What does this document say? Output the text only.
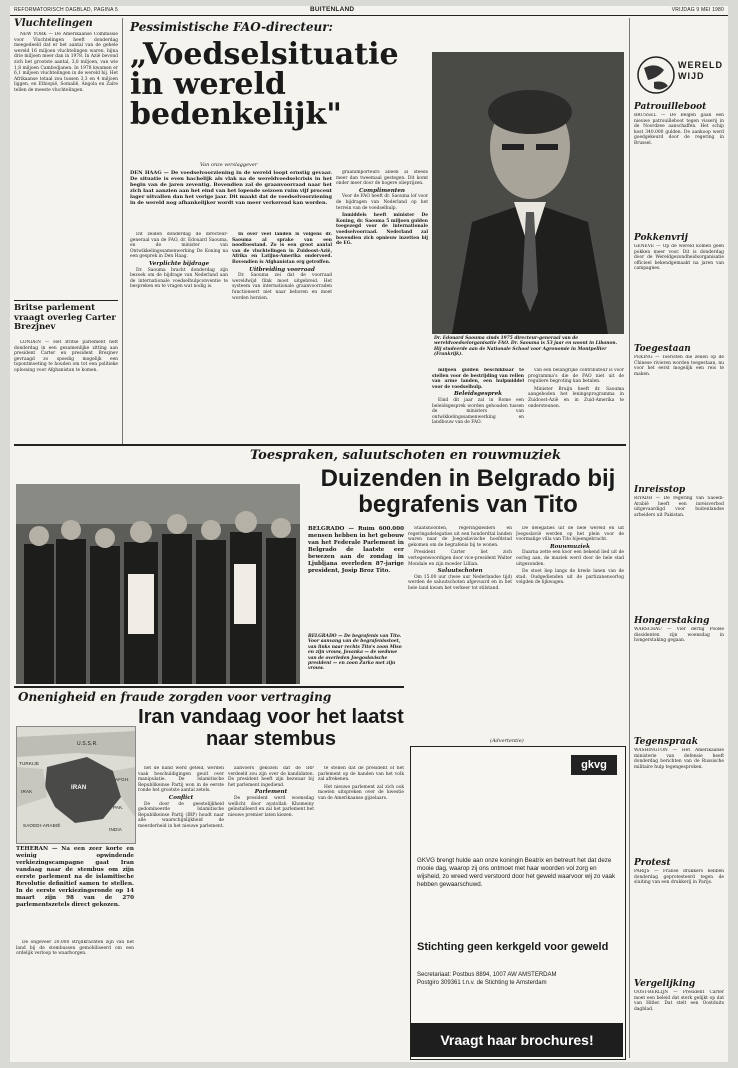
REFORMATORISCH DAGBLAD, PAGINA 5	BUITENLAND	VRIJDAG 9 MEI 1980
Vluchtelingen

NEW YORK — De Amerikaanse Commissie voor Vluchtelingen heeft donderdag meegedeeld dat er het aantal van de gehele wereld 16 miljoen vluchtelingen waren, bijna drie miljoen meer dan in 1978. In Azië bevond zich het grootste aantal, 3,8 miljoen, van wie 1,8 miljoen Cambodjanen. In 1978 kwamen er 6,1 miljoen vluchtelingen in de wereld bij. Het Afrikaanse totaal zou tussen 3,3 en 4 miljoen liggen, en Ethiopië, Somalië, Angola en Zaïre tellen de meeste vluchtelingen.

Britse parlement vraagt overleg Carter Brezjnev

LONDEN — Het Britse parlement heft donderdag in een gezamenlijke zitting aan president Carter en president Brezjnev gevraagd zo spoedig mogelijk een topontmoeting te houden om tot een politieke oplossing voor Afghanistan te komen.

Pessimistische FAO-directeur:
„Voedselsituatie in wereld bedenkelijk"
Van onze verslaggever
DEN HAAG — De voedselvoorziening in de wereld loopt ernstig gevaar. De situatie is even hachelijk als vlak na de wereldvoedselcrisis in het begin van de jaren zeventig. Bovendien zal de graanvoorraad naar het zich laat aanzien aan het eind van het lopende seizoen ruim vijf procent lager uitvallen dan het vorige jaar. Dit maakt dat de voedselvoorziening in de wereld nog afhankelijker wordt van meer verkerend kan worden.

Dit zeiden donderdag de directeur-generaal van de FAO, dr. Edouard Saouma, en de minister van Ontwikkelingssamenwerking De Koning na een gesprek in Den Haag.

Verplichte bijdrage

Dr. Saouma bracht donderdag zijn bezoek om de bijdrage van Nederland aan de internationale voedselhulpconventie te bespreken en te vragen wat nodig is.

In over veel landen is volgens dr. Saouma al sprake van een noodtoestand. Zo is een groot aantal van de vluchtelingen in Zuidoost-Azië, Afrika en Latijns-Amerika ondervoed. Bovendien is Afghanistan erg getroffen.

Uitbreiding voorraad

Dr. Saouma zei dat de voorraad wereldwijd flink moet uitgebreid. Het systeem van internationale graanvoorraden functioneert niet naar behoren en moet worden herzien.

graanimporteurs alleen al steeds meer dan tweemaal gestegen. Dit komt onder meer door de hogere olieprijzen.

Complimenten

Voor de FAO heeft dr. Saouma lof voor de bijdragen van Nederland op het terrein van de voedselhulp.

Inmiddels heeft minister De Koning, dr. Saouma 5 miljoen gulden toegezegd voor de internationale voedselvoorraad. Nederland zal bovendien zich opnieuw inzetten bij de EG.

Dr. Edouard Saouma sinds 1975 directeur-generaal van de wereldvoedselorganisatie FAO. Dr. Saouma is 53 jaar en woont in Libanon. Hij studeerde aan de Nationale School voor Agronomie in Montpellier (Frankrijk).

miljoen gulden beschikbaar te stellen voor de bestrijding van rellen van arme landen, een hulpmiddel voor de voedselhulp.

Beleidsgesprek

Eind dit jaar zal in Rome een beleidsgesprek worden gehouden tussen de ministers van ontwikkelingssamenwerking en landbouw van de FAO.

van een belangrijke contributeur is voor programma's die de FAO niet uit de reguliere begroting kan betalen.

Minister Bruijn heeft dr. Saouma aangeboden het leningsprogramma in Zuidoost-Azië en in Zuid-Amerika te ondersteunen.

WERELD WIJD
Patrouilleboot
BRUSSEL — De Belgen gaan een nieuwe patrouilleboot tegen visserij in de Noordzee aanschaffen. Het schip kost 340.000 gulden. De aankoop werd goedgekeurd door de regering in Brussel.
Pokkenvrij
GENEVE — Op de wereld komen geen pokken meer voor. Dit is donderdag door de Wereldgezondheidsorganisatie officieel bekendgemaakt na jaren van campagnes.
Toegestaan
PEKING — Toeristen die zeilen op de Chinese rivieren worden toegestaan, nu voor het eerst mogelijk een reis te maken.
Inreisstop
RIYADH — De regering van Saoedi-Arabië heeft een inreisverbod uitgevaardigd voor buitenlandse arbeiders uit Pakistan.
Hongerstaking
WARSCHAU — Vier dertig Poolse dissidenten zijn woensdag in hongerstaking gegaan.
Tegenspraak
WASHINGTON — Het Amerikaanse ministerie van defensie heeft donderdag berichten van de Russische militaire hulp tegengesproken.
Protest
PARIJS — Franse drukkers hebben donderdag geprotesteerd tegen de sluiting van een drukkerij in Parijs.
Vergelijking
OOST-BERLIJN — President Carter moet een beleid dat sterk gelijkt op dat van Hitler. Dat stelt een Oostduits dagblad.
Toespraken, saluutschoten en rouwmuziek
Duizenden in Belgrado bij begrafenis van Tito
BELGRADO — Ruim 600.000 mensen hebben in het gebouw van het Federale Parlement in Belgrado de laatste eer bewezen aan de zondag in Ljubljana overleden 87-jarige president, Josip Broz Tito.
BELGRADO — De begrafenis van Tito. Voor aanvang van de begrafenisstoet, van links naar rechts Tito's zoon Miso en zijn vrouw, Jovanka — de weduwe van de overleden Joegoslavische president — en zoon Zarko met zijn vrouw.

Staatshoofden, regeringsleiders en regeringsdelegaties uit een honderdtal landen waren naar de Joegoslavische hoofdstad gekomen om de begrafenis bij te wonen.

President Carter liet zich vertegenwoordigen door vice-president Walter Mondale en zijn moeder Lillian.

Saluutschoten

Om 15.00 uur (twee uur Nederlandse tijd) werden de saluutschoten afgevuurd en in het hele land kwam het verkeer tot stilstand.

De delegaties uit de hele wereld en uit Joegoslavië werden op het plein voor de voormalige villa van Tito bijeengebracht.

Rouwmuziek

Daarna zette een koor een bekend lied uit de oorlog aan, de muziek werd door de hele stad uitgezonden.

De stoet liep langs de brede lanen van de stad. Oudgedienden uit de partizanenoorlog volgden de lijkwagen.

Onenigheid en fraude zorgden voor vertraging
Iran vandaag voor het laatst naar stembus
U.S.S.R.
TURKIJE
IRAK
IRAN
AFGH.
SAOEDI-ARABIË
PAK.
INDIA
TEHERAN — Na een zeer korte en weinig opwindende verkiezingscampagne gaat Iran vandaag naar de stembus om zijn eerste parlement na de islamitische Revolutie definitief samen te stellen. In de eerste verkiezingsronde op 14 maart zijn 98 van de 270 parlementszetels direct gekozen.

De ongeveer 20.000 strijdkrachten zijn van het land bij de stembussen gemobiliseerd om een ordelijk verloop te waarborgen.

net de hand werd geteld, werden vaak beschuldigingen geuit over manipulatie. De Islamitische Republikeinse Partij won in de eerste ronde het grootste aantal zetels.

Conflict

De door de geestelijkheid gedomineerde Islamitische Republikeinse Partij (IRP) houdt naar alle waarschijnlijkheid de meerderheid in het nieuwe parlement.

aanvoers gekozen dat de IRP verdeeld zou zijn over de kandidaten. De president heeft zijn bezwaar bij het parlement ingediend.

Parlement

De president werd woensdag wellicht door ayatollah Khomeiny geïnstalleerd en zal het parlement het nieuwe premier laten kiezen.

te stellen dat de president of het parlement op de handen van het volk zal afrekenen.

Het nieuwe parlement zal zich ook moeten uitspreken over de kwestie van de Amerikaanse gijzelaars.

(Advertentie)
gkvg
GKVG brengt hulde aan onze koningin Beatrix en betreurt het dat deze mooie dag, waarop zij ons ontmoet met haar woorden vol zorg en wijsheid, zo wreed werd verstoord door het geweld waarvoor wij zo vaak hebben gewaarschuwd.
Stichting geen kerkgeld voor geweld
Secretariaat: Postbus 8894, 1007 AW AMSTERDAM
Postgiro 309361 t.n.v. de Stichting te Amsterdam
Vraagt haar brochures!
